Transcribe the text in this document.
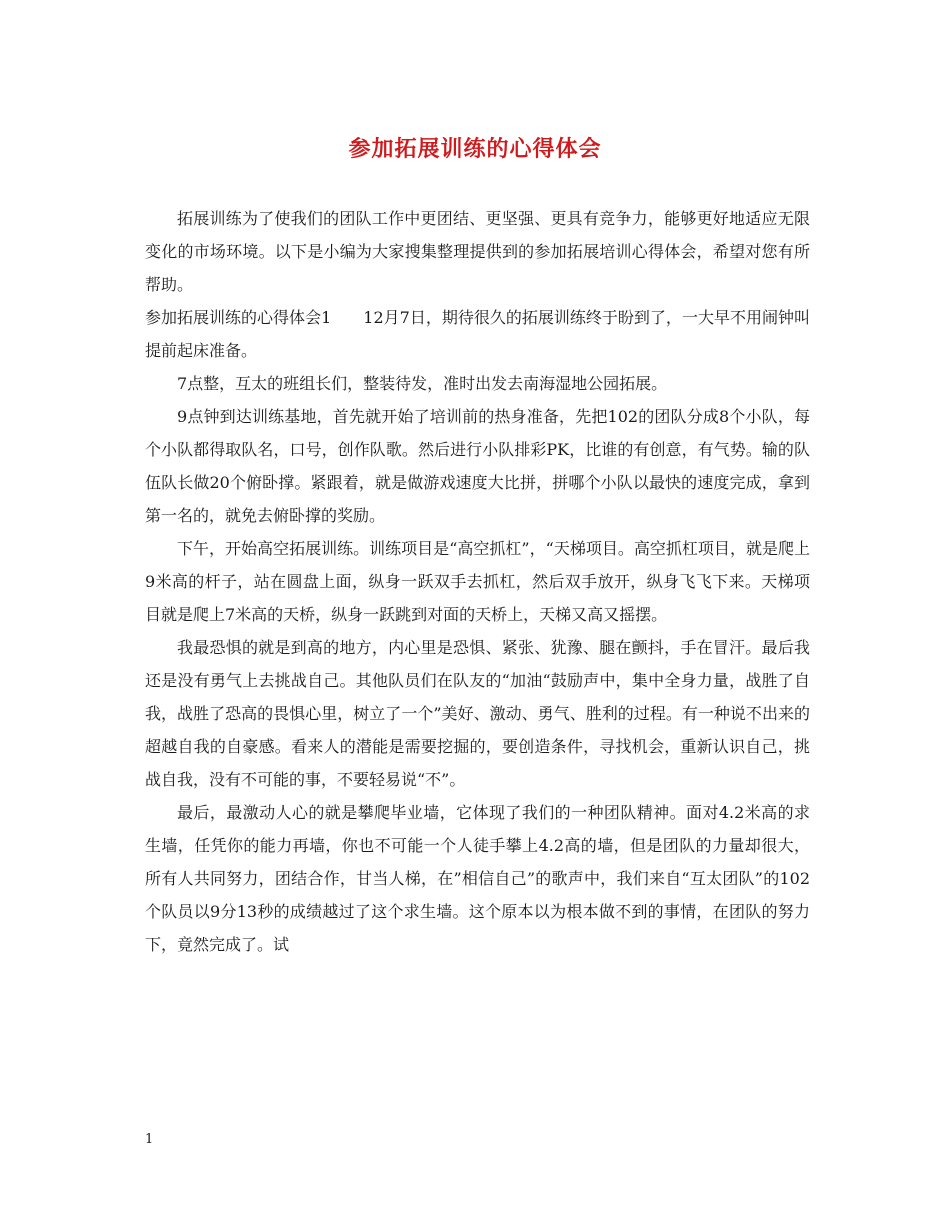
参加拓展训练的心得体会

拓展训练为了使我们的团队工作中更团结、更坚强、更具有竞争力，能够更好地适应无限变化的市场环境。以下是小编为大家搜集整理提供到的参加拓展培训心得体会，希望对您有所帮助。

参加拓展训练的心得体会1　　12月7日，期待很久的拓展训练终于盼到了，一大早不用闹钟叫提前起床准备。

7点整，互太的班组长们，整装待发，准时出发去南海湿地公园拓展。

9点钟到达训练基地，首先就开始了培训前的热身准备，先把102的团队分成8个小队，每个小队都得取队名，口号，创作队歌。然后进行小队排彩PK，比谁的有创意，有气势。输的队伍队长做20个俯卧撑。紧跟着，就是做游戏速度大比拼，拼哪个小队以最快的速度完成，拿到第一名的，就免去俯卧撑的奖励。

下午，开始高空拓展训练。训练项目是“高空抓杠”，“天梯项目。高空抓杠项目，就是爬上9米高的杆子，站在圆盘上面，纵身一跃双手去抓杠，然后双手放开，纵身飞飞下来。天梯项目就是爬上7米高的天桥，纵身一跃跳到对面的天桥上，天梯又高又摇摆。

我最恐惧的就是到高的地方，内心里是恐惧、紧张、犹豫、腿在颤抖，手在冒汗。最后我还是没有勇气上去挑战自己。其他队员们在队友的“加油“鼓励声中，集中全身力量，战胜了自我，战胜了恐高的畏惧心里，树立了一个”美好、激动、勇气、胜利的过程。有一种说不出来的超越自我的自豪感。看来人的潜能是需要挖掘的，要创造条件，寻找机会，重新认识自己，挑战自我，没有不可能的事，不要轻易说“不”。

最后，最激动人心的就是攀爬毕业墙，它体现了我们的一种团队精神。面对4.2米高的求生墙，任凭你的能力再墙，你也不可能一个人徒手攀上4.2高的墙，但是团队的力量却很大，所有人共同努力，团结合作，甘当人梯，在”相信自己”的歌声中，我们来自“互太团队”的102个队员以9分13秒的成绩越过了这个求生墙。这个原本以为根本做不到的事情，在团队的努力下，竟然完成了。试

1
